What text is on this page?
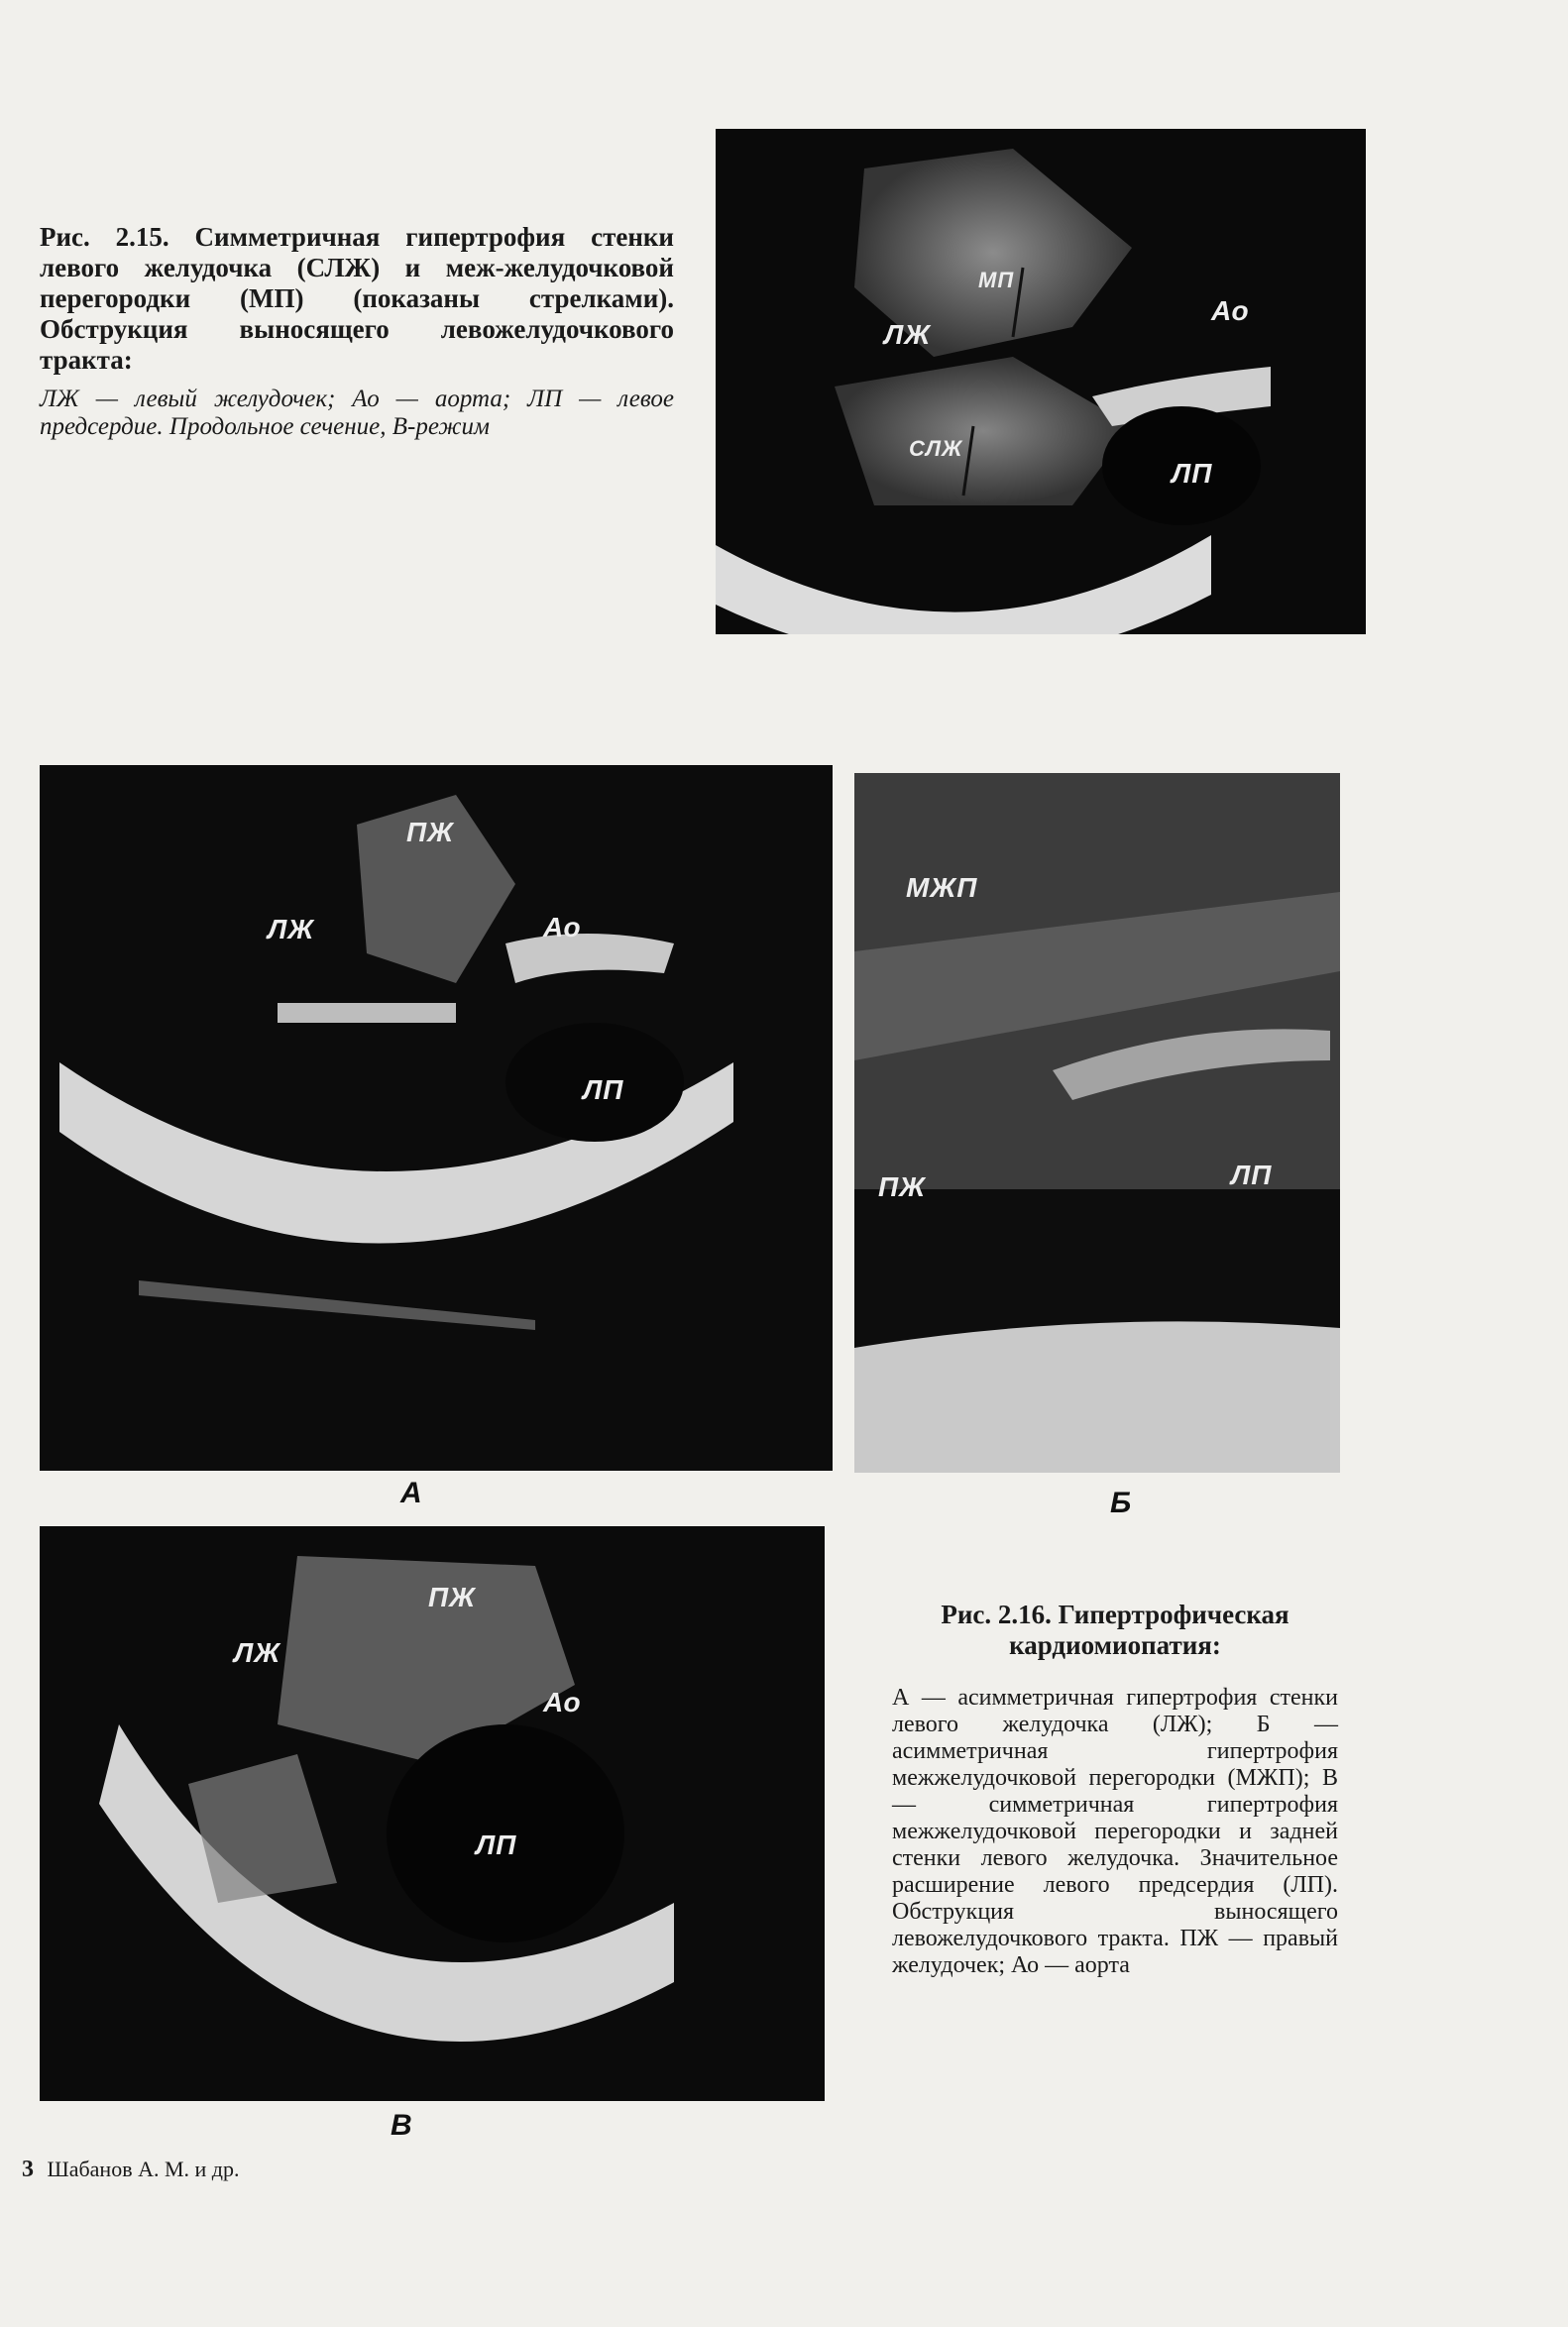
Рис. 2.15. Симметричная гипертрофия стенки левого желудочка (СЛЖ) и меж-желудочковой перегородки (МП) (показаны стрелками). Обструкция выносящего левожелудочкового тракта:
ЛЖ — левый желудочек; Ао — аорта; ЛП — левое предсердие. Продольное сечение, В-режим
ЛЖ
Ао
ЛП
СЛЖ
МП
ПЖ
ЛЖ	Ао
ЛП
А
МЖП
ПЖ	ЛП
Б
ПЖ
ЛЖ
Ао
ЛП
В
Рис. 2.16. Гипертрофическая кардиомиопатия:
А — асимметричная гипертрофия стенки левого желудочка (ЛЖ); Б — асимметричная гипертрофия межжелудочковой перегородки (МЖП); В — симметричная гипертрофия межжелудочковой перегородки и задней стенки левого желудочка. Значительное расширение левого предсердия (ЛП). Обструкция выносящего левожелудочкового тракта. ПЖ — правый желудочек; Ао — аорта
3 Шабанов А. М. и др.
